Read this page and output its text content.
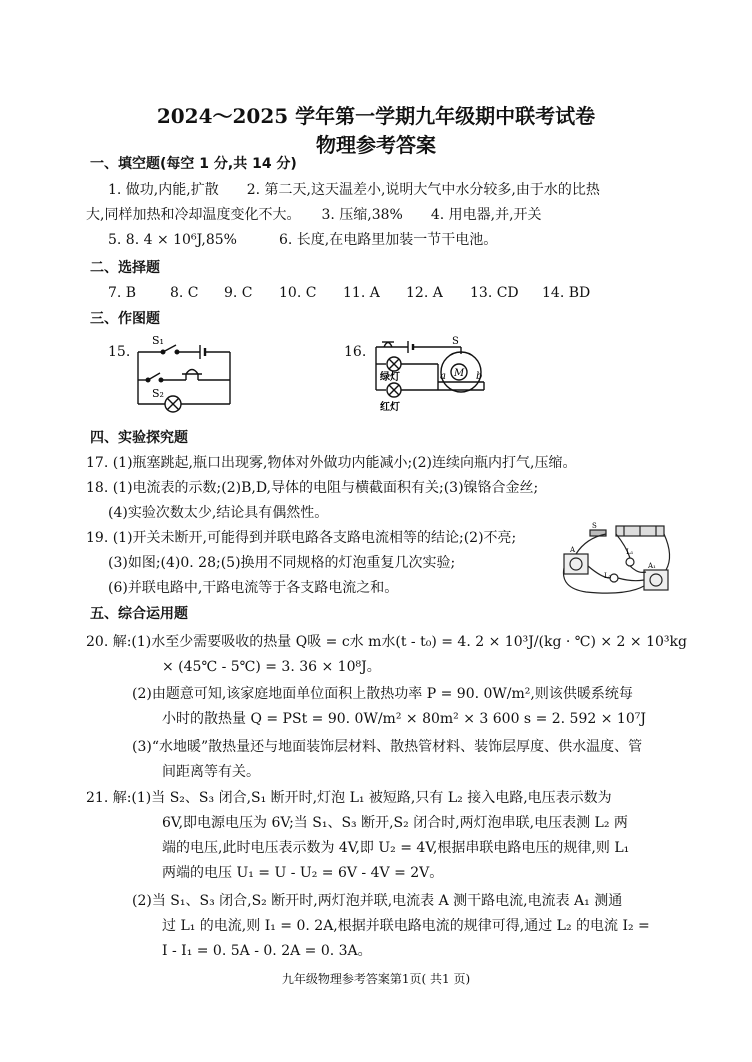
2024～2025 学年第一学期九年级期中联考试卷
物理参考答案
一、填空题(每空 1 分,共 14 分)
1. 做功,内能,扩散　　2. 第二天,这天温差小,说明大气中水分较多,由于水的比热
大,同样加热和冷却温度变化不大。　　3. 压缩,38%　　4. 用电器,并,开关
5. 8. 4 × 10⁶J,85%　　　6. 长度,在电路里加装一节干电池。
二、选择题
7. B 8. C 9. C 10. C 11. A 12. A 13. CD 14. BD
三、作图题
15.	16.
S₁
S₂
S
M
a	b
绿灯
红灯
四、实验探究题
17. (1)瓶塞跳起,瓶口出现雾,物体对外做功内能减小;(2)连续向瓶内打气,压缩。
18. (1)电流表的示数;(2)B,D,导体的电阻与横截面积有关;(3)镍铬合金丝;
(4)实验次数太少,结论具有偶然性。
19. (1)开关未断开,可能得到并联电路各支路电流相等的结论;(2)不亮;
(3)如图;(4)0. 28;(5)换用不同规格的灯泡重复几次实验;
(6)并联电路中,干路电流等于各支路电流之和。
S
A	L₁
L₂
A₁
五、综合运用题
20. 解:(1)水至少需要吸收的热量 Q吸 = c水 m水(t - t₀) = 4. 2 × 10³J/(kg · ℃) × 2 × 10³kg
× (45℃ - 5℃) = 3. 36 × 10⁸J。
(2)由题意可知,该家庭地面单位面积上散热功率 P = 90. 0W/m²,则该供暖系统每
小时的散热量 Q = PSt = 90. 0W/m² × 80m² × 3 600 s = 2. 592 × 10⁷J
(3)“水地暖”散热量还与地面装饰层材料、散热管材料、装饰层厚度、供水温度、管
间距离等有关。
21. 解:(1)当 S₂、S₃ 闭合,S₁ 断开时,灯泡 L₁ 被短路,只有 L₂ 接入电路,电压表示数为
6V,即电源电压为 6V;当 S₁、S₃ 断开,S₂ 闭合时,两灯泡串联,电压表测 L₂ 两
端的电压,此时电压表示数为 4V,即 U₂ = 4V,根据串联电路电压的规律,则 L₁
两端的电压 U₁ = U - U₂ = 6V - 4V = 2V。
(2)当 S₁、S₃ 闭合,S₂ 断开时,两灯泡并联,电流表 A 测干路电流,电流表 A₁ 测通
过 L₁ 的电流,则 I₁ = 0. 2A,根据并联电路电流的规律可得,通过 L₂ 的电流 I₂ =
I - I₁ = 0. 5A - 0. 2A = 0. 3A。
九年级物理参考答案第1页( 共1 页)
